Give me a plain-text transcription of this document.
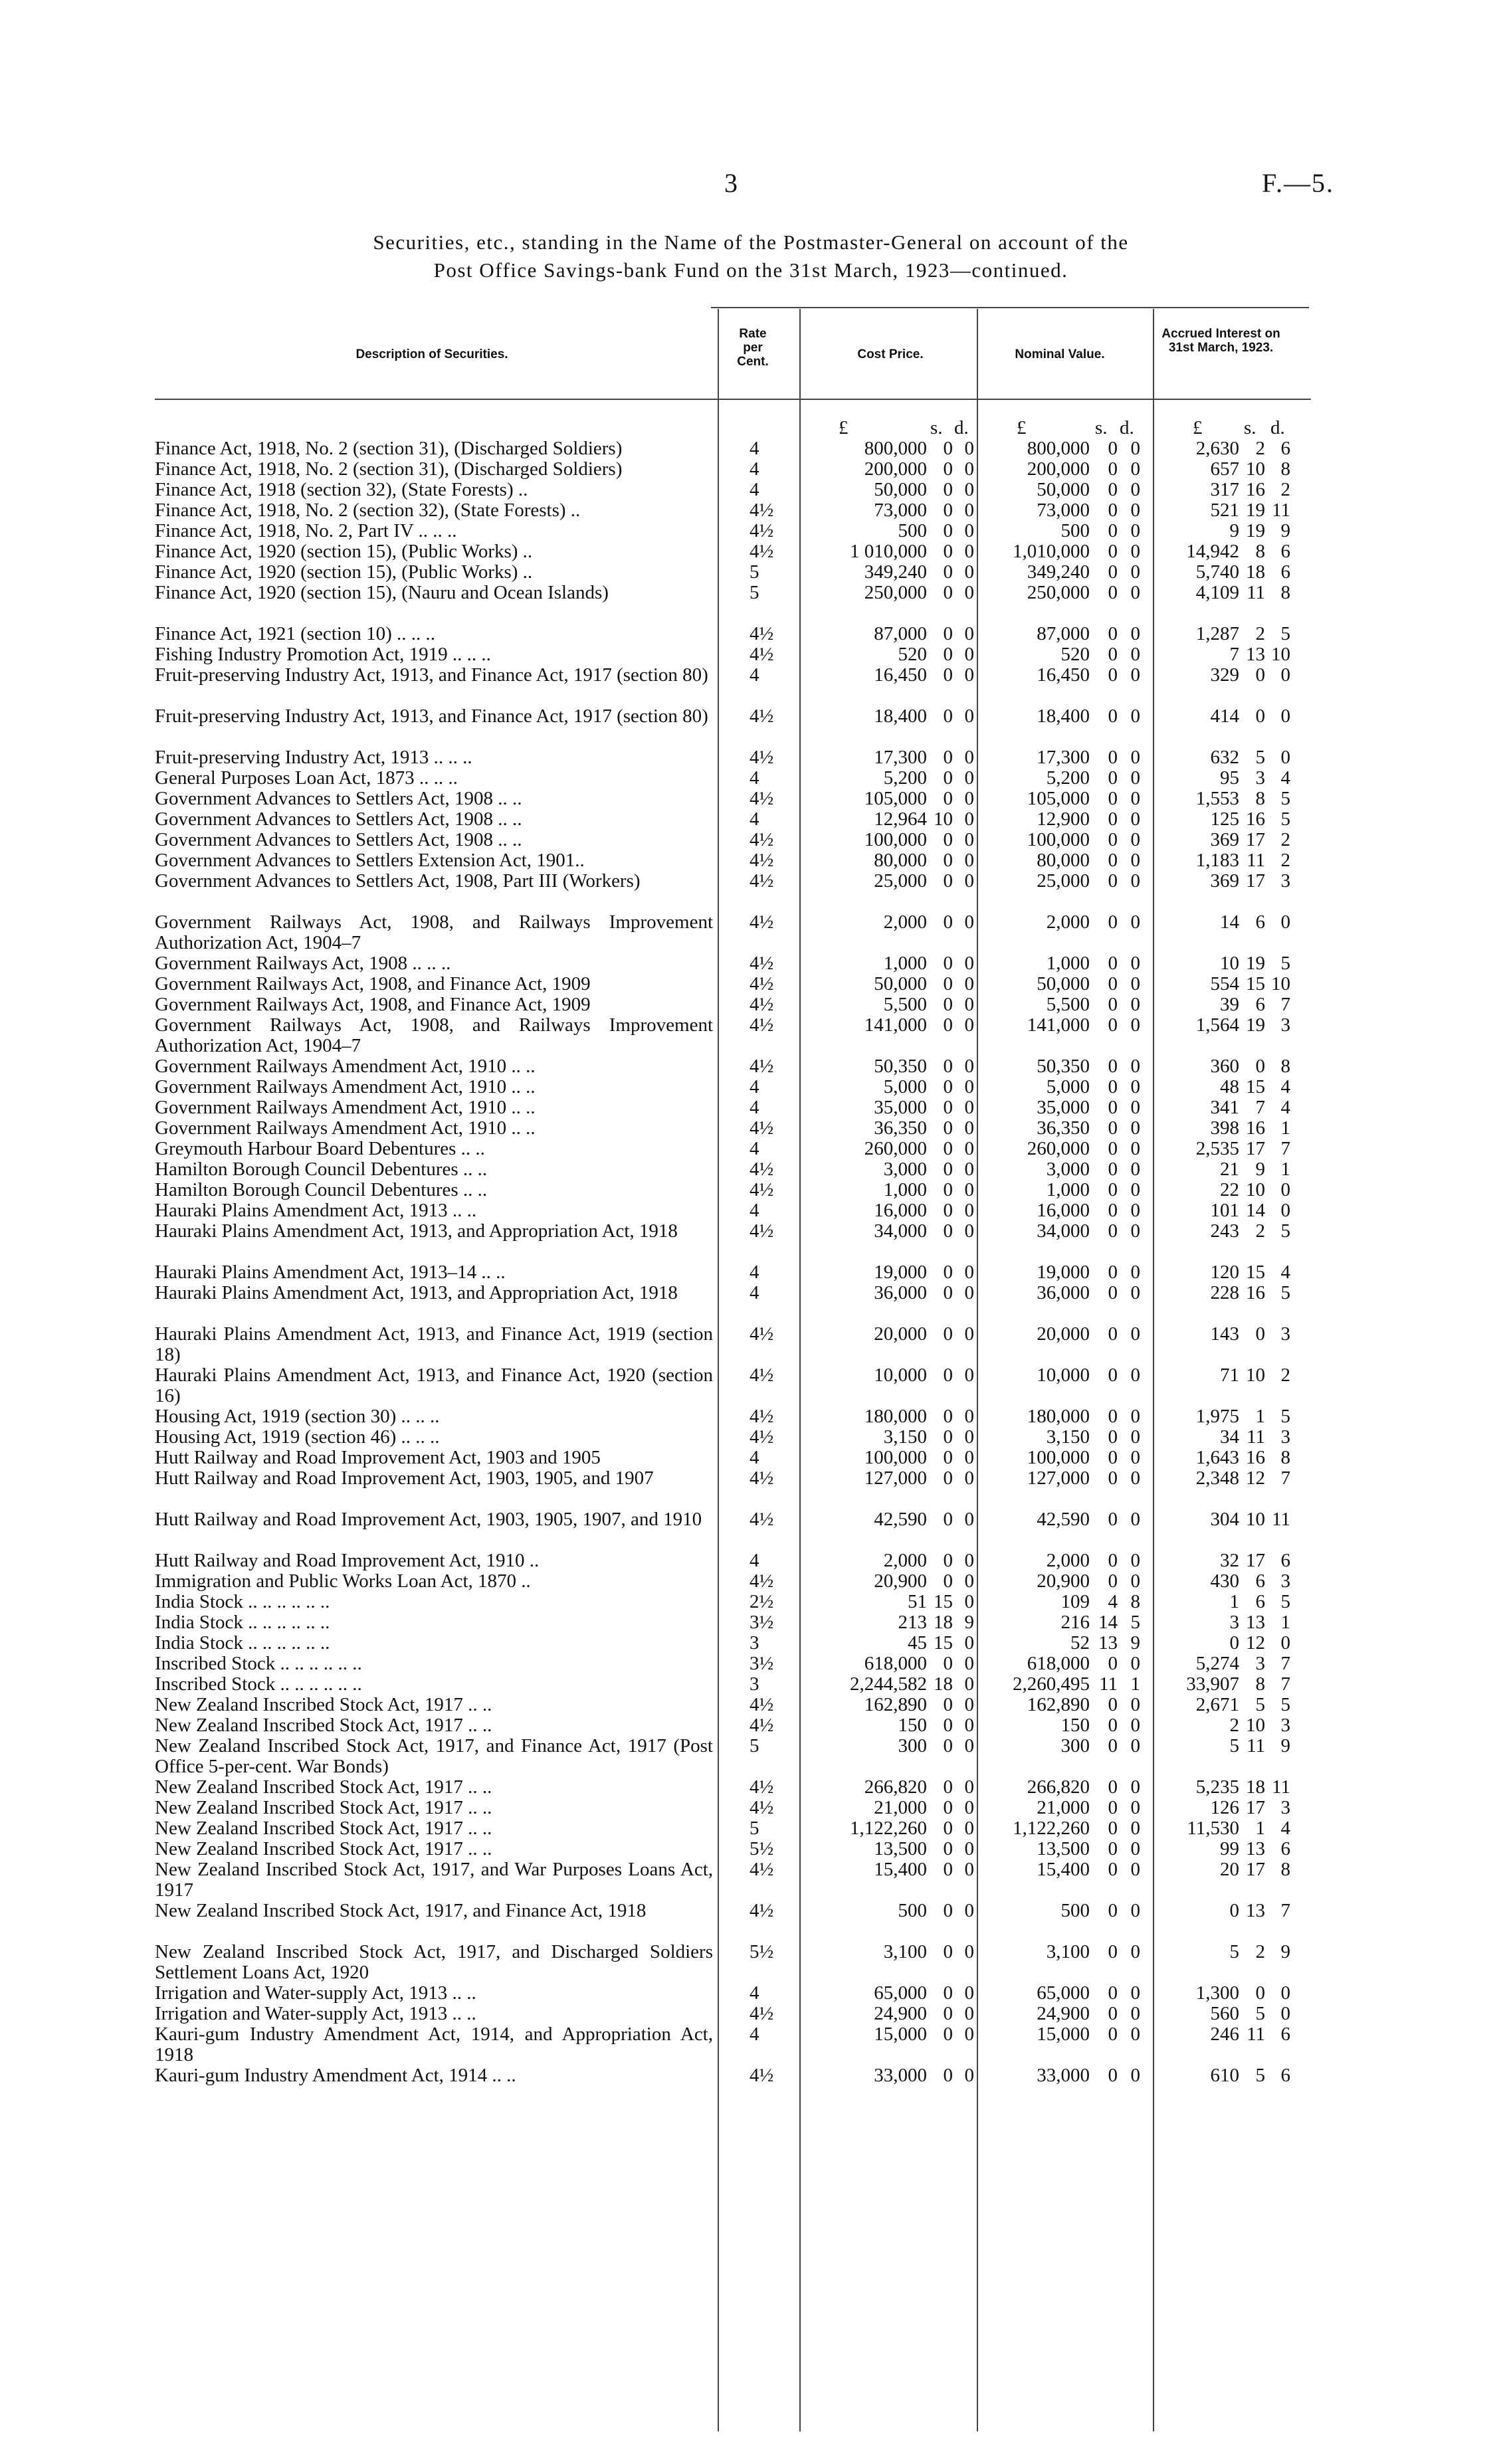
3	F.—5.
Securities, etc., standing in the Name of the Postmaster-General on account of the
Post Office Savings-bank Fund on the 31st March, 1923—continued.
Description of Securities.
Rate per Cent.
Cost Price.	Nominal Value.
Accrued Interest on 31st March, 1923.
£	s. d. £	s. d.	£ s. d.
Finance Act, 1918, No. 2 (section 31), (Discharged Soldiers)	4	800,000 0 0	800,000 0 0	2,630 2 6
Finance Act, 1918, No. 2 (section 31), (Discharged Soldiers)	4	200,000 0 0	200,000 0 0	657 10 8
Finance Act, 1918 (section 32), (State Forests) ..	4	50,000 0 0	50,000 0 0	317 16 2
Finance Act, 1918, No. 2 (section 32), (State Forests) ..	4½	73,000 0 0	73,000 0 0	521 19 11
Finance Act, 1918, No. 2, Part IV .. .. ..	4½	500 0 0	500 0 0	9 19 9
Finance Act, 1920 (section 15), (Public Works) ..	4½	1 010,000 0 0	1,010,000 0 0	14,942 8 6
Finance Act, 1920 (section 15), (Public Works) ..	5	349,240 0 0	349,240 0 0	5,740 18 6
Finance Act, 1920 (section 15), (Nauru and Ocean Islands)	5	250,000 0 0	250,000 0 0	4,109 11 8
Finance Act, 1921 (section 10) .. .. ..	4½	87,000 0 0	87,000 0 0	1,287 2 5
Fishing Industry Promotion Act, 1919 .. .. ..	4½	520 0 0	520 0 0	7 13 10
Fruit-preserving Industry Act, 1913, and Finance Act, 1917 (section 80) 4	16,450 0 0	16,450 0 0	329 0 0
Fruit-preserving Industry Act, 1913, and Finance Act, 1917 (section 80) 4½	18,400 0 0	18,400 0 0	414 0 0
Fruit-preserving Industry Act, 1913 .. .. ..	4½	17,300 0 0	17,300 0 0	632 5 0
General Purposes Loan Act, 1873 .. .. ..	4	5,200 0 0	5,200 0 0	95 3 4
Government Advances to Settlers Act, 1908 .. ..	4½	105,000 0 0	105,000 0 0	1,553 8 5
Government Advances to Settlers Act, 1908 .. ..	4	12,964 10 0	12,900 0 0	125 16 5
Government Advances to Settlers Act, 1908 .. ..	4½	100,000 0 0	100,000 0 0	369 17 2
Government Advances to Settlers Extension Act, 1901..	4½	80,000 0 0	80,000 0 0	1,183 11 2
Government Advances to Settlers Act, 1908, Part III (Workers)	4½	25,000 0 0	25,000 0 0	369 17 3
Government Railways Act, 1908, and Railways Improvement Authorization Act, 1904–7
4½	2,000 0 0	2,000 0 0	14 6 0
Government Railways Act, 1908 .. .. ..	4½	1,000 0 0	1,000 0 0	10 19 5
Government Railways Act, 1908, and Finance Act, 1909	4½	50,000 0 0	50,000 0 0	554 15 10
Government Railways Act, 1908, and Finance Act, 1909	4½	5,500 0 0	5,500 0 0	39 6 7
Government Railways Act, 1908, and Railways Improvement Authorization Act, 1904–7
4½	141,000 0 0	141,000 0 0	1,564 19 3
Government Railways Amendment Act, 1910 .. ..	4½	50,350 0 0	50,350 0 0	360 0 8
Government Railways Amendment Act, 1910 .. ..	4	5,000 0 0	5,000 0 0	48 15 4
Government Railways Amendment Act, 1910 .. ..	4	35,000 0 0	35,000 0 0	341 7 4
Government Railways Amendment Act, 1910 .. ..	4½	36,350 0 0	36,350 0 0	398 16 1
Greymouth Harbour Board Debentures .. ..	4	260,000 0 0	260,000 0 0	2,535 17 7
Hamilton Borough Council Debentures .. ..	4½	3,000 0 0	3,000 0 0	21 9 1
Hamilton Borough Council Debentures .. ..	4½	1,000 0 0	1,000 0 0	22 10 0
Hauraki Plains Amendment Act, 1913 .. ..	4	16,000 0 0	16,000 0 0	101 14 0
Hauraki Plains Amendment Act, 1913, and Appropriation Act, 1918	4½	34,000 0 0	34,000 0 0	243 2 5
Hauraki Plains Amendment Act, 1913–14 .. ..	4	19,000 0 0	19,000 0 0	120 15 4
Hauraki Plains Amendment Act, 1913, and Appropriation Act, 1918	4	36,000 0 0	36,000 0 0	228 16 5
Hauraki Plains Amendment Act, 1913, and Finance Act, 1919 (section 18)
4½	20,000 0 0	20,000 0 0	143 0 3
Hauraki Plains Amendment Act, 1913, and Finance Act, 1920 (section 16)
4½	10,000 0 0	10,000 0 0	71 10 2
Housing Act, 1919 (section 30) .. .. ..	4½	180,000 0 0	180,000 0 0	1,975 1 5
Housing Act, 1919 (section 46) .. .. ..	4½	3,150 0 0	3,150 0 0	34 11 3
Hutt Railway and Road Improvement Act, 1903 and 1905	4	100,000 0 0	100,000 0 0	1,643 16 8
Hutt Railway and Road Improvement Act, 1903, 1905, and 1907	4½	127,000 0 0	127,000 0 0	2,348 12 7
Hutt Railway and Road Improvement Act, 1903, 1905, 1907, and 1910	4½	42,590 0 0	42,590 0 0	304 10 11
Hutt Railway and Road Improvement Act, 1910 ..	4	2,000 0 0	2,000 0 0	32 17 6
Immigration and Public Works Loan Act, 1870 ..	4½	20,900 0 0	20,900 0 0	430 6 3
India Stock .. .. .. .. .. ..	2½	51 15 0	109 4 8	1 6 5
India Stock .. .. .. .. .. ..	3½	213 18 9	216 14 5	3 13 1
India Stock .. .. .. .. .. ..	3	45 15 0	52 13 9	0 12 0
Inscribed Stock .. .. .. .. .. ..	3½	618,000 0 0	618,000 0 0	5,274 3 7
Inscribed Stock .. .. .. .. .. ..	3	2,244,582 18 0	2,260,495 11 1	33,907 8 7
New Zealand Inscribed Stock Act, 1917 .. ..	4½	162,890 0 0	162,890 0 0	2,671 5 5
New Zealand Inscribed Stock Act, 1917 .. ..	4½	150 0 0	150 0 0	2 10 3
New Zealand Inscribed Stock Act, 1917, and Finance Act, 1917 (Post Office 5-per-cent. War Bonds)
5	300 0 0	300 0 0	5 11 9
New Zealand Inscribed Stock Act, 1917 .. ..	4½	266,820 0 0	266,820 0 0	5,235 18 11
New Zealand Inscribed Stock Act, 1917 .. ..	4½	21,000 0 0	21,000 0 0	126 17 3
New Zealand Inscribed Stock Act, 1917 .. ..	5	1,122,260 0 0	1,122,260 0 0	11,530 1 4
New Zealand Inscribed Stock Act, 1917 .. ..	5½	13,500 0 0	13,500 0 0	99 13 6
New Zealand Inscribed Stock Act, 1917, and War Purposes Loans Act, 1917
4½	15,400 0 0	15,400 0 0	20 17 8
New Zealand Inscribed Stock Act, 1917, and Finance Act, 1918	4½	500 0 0	500 0 0	0 13 7
New Zealand Inscribed Stock Act, 1917, and Discharged Soldiers Settlement Loans Act, 1920
5½	3,100 0 0	3,100 0 0	5 2 9
Irrigation and Water-supply Act, 1913 .. ..	4	65,000 0 0	65,000 0 0	1,300 0 0
Irrigation and Water-supply Act, 1913 .. ..	4½	24,900 0 0	24,900 0 0	560 5 0
Kauri-gum Industry Amendment Act, 1914, and Appropriation Act, 1918
4	15,000 0 0	15,000 0 0	246 11 6
Kauri-gum Industry Amendment Act, 1914 .. ..	4½	33,000 0 0	33,000 0 0	610 5 6
